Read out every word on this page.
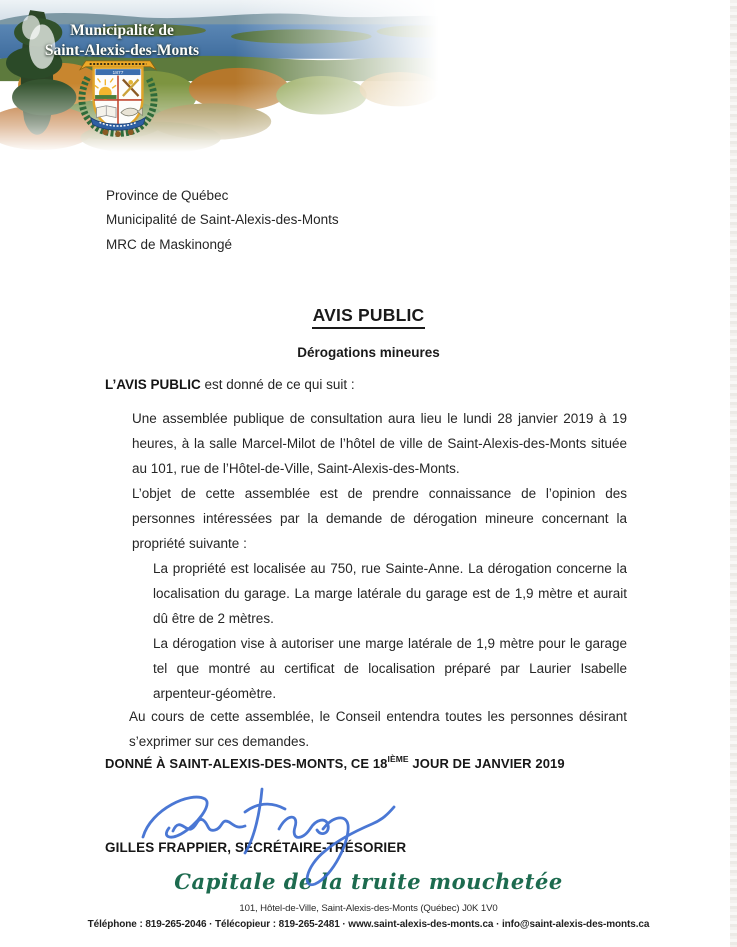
Municipalité de
Saint-Alexis-des-Monts
1877
Province de Québec
Municipalité de Saint-Alexis-des-Monts
MRC de Maskinongé
AVIS PUBLIC
Dérogations mineures
L’AVIS PUBLIC est donné de ce qui suit :
Une assemblée publique de consultation aura lieu le lundi 28 janvier 2019 à 19 heures, à la salle Marcel-Milot de l’hôtel de ville de Saint-Alexis-des-Monts située au 101, rue de l’Hôtel-de-Ville, Saint-Alexis-des-Monts.
L’objet de cette assemblée est de prendre connaissance de l’opinion des personnes intéressées par la demande de dérogation mineure concernant la propriété suivante :
La propriété est localisée au 750, rue Sainte-Anne. La dérogation concerne la localisation du garage. La marge latérale du garage est de 1,9 mètre et aurait dû être de 2 mètres.
La dérogation vise à autoriser une marge latérale de 1,9 mètre pour le garage tel que montré au certificat de localisation préparé par Laurier Isabelle arpenteur-géomètre.
Au cours de cette assemblée, le Conseil entendra toutes les personnes désirant s’exprimer sur ces demandes.
DONNÉ À SAINT-ALEXIS-DES-MONTS, CE 18IÈME JOUR DE JANVIER 2019
GILLES FRAPPIER, SECRÉTAIRE-TRÉSORIER
Capitale de la truite mouchetée
101, Hôtel-de-Ville, Saint-Alexis-des-Monts (Québec) J0K 1V0
Téléphone : 819-265-2046 · Télécopieur : 819-265-2481 · www.saint-alexis-des-monts.ca · info@saint-alexis-des-monts.ca
